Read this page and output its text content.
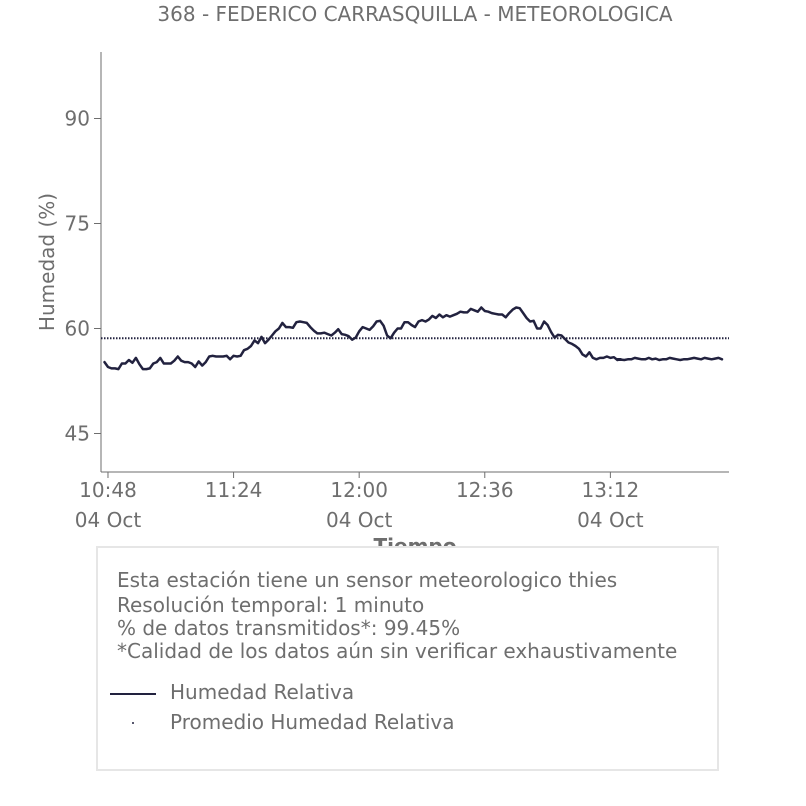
368 - FEDERICO CARRASQUILLA - METEOROLOGICA
45
60
75
90
10:48
04 Oct
11:24	12:00
04 Oct
12:36	13:12
04 Oct
Humedad (%)
Esta estación tiene un sensor meteorologico thies
Resolución temporal: 1 minuto
% de datos transmitidos*: 99.45%
*Calidad de los datos aún sin verificar exhaustivamente
Humedad Relativa
Promedio Humedad Relativa
